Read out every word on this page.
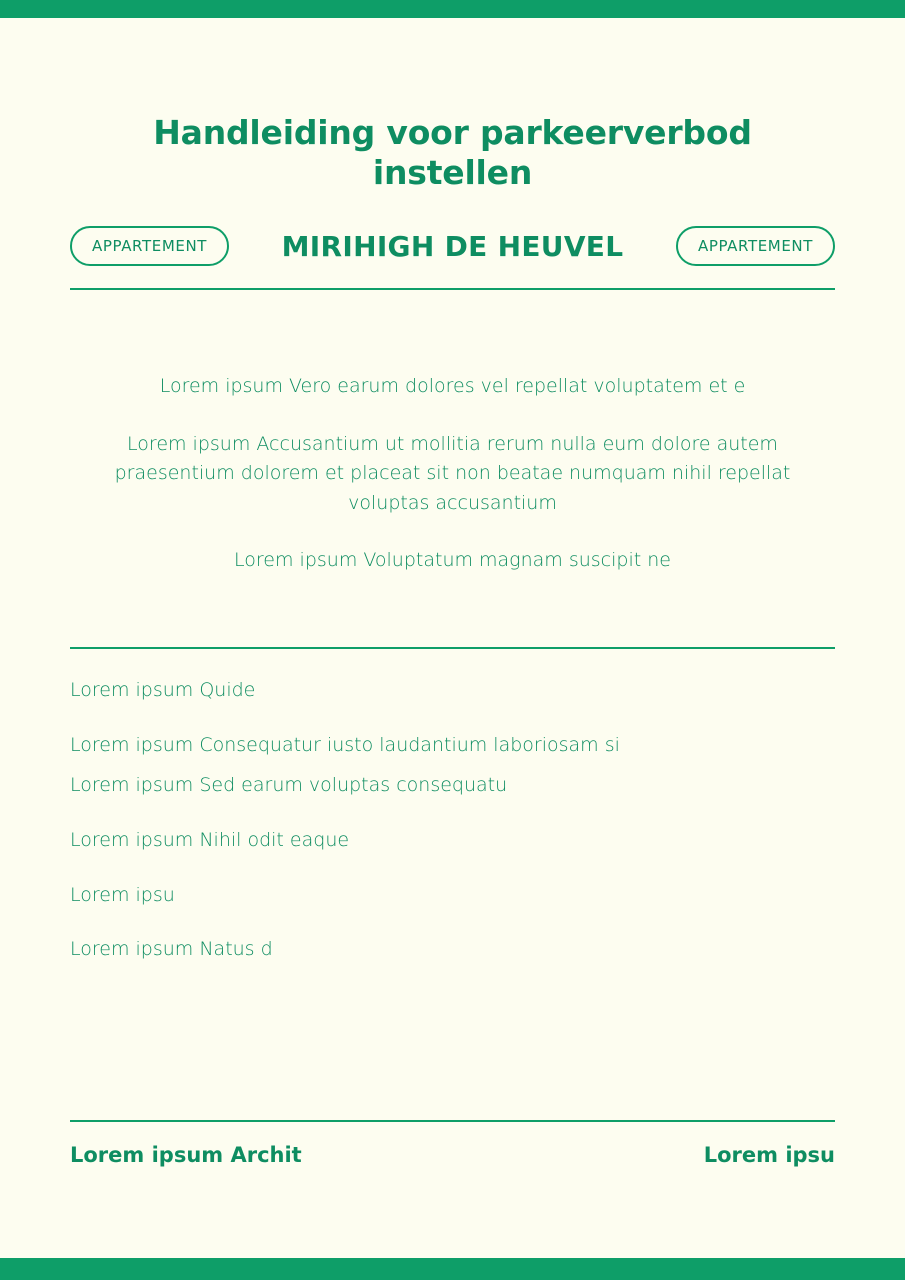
Handleiding voor parkeerverbod instellen
APPARTEMENT	MIRIHIGH DE HEUVEL	APPARTEMENT

Lorem ipsum Vero earum dolores vel repellat voluptatem et e

Lorem ipsum Accusantium ut mollitia rerum nulla eum dolore autem praesentium dolorem et placeat sit non beatae numquam nihil repellat voluptas accusantium

Lorem ipsum Voluptatum magnam suscipit ne

Lorem ipsum Quide
Lorem ipsum Consequatur iusto laudantium laboriosam si
Lorem ipsum Sed earum voluptas consequatu
Lorem ipsum Nihil odit eaque
Lorem ipsu
Lorem ipsum Natus d
Lorem ipsum Archit	Lorem ipsu
